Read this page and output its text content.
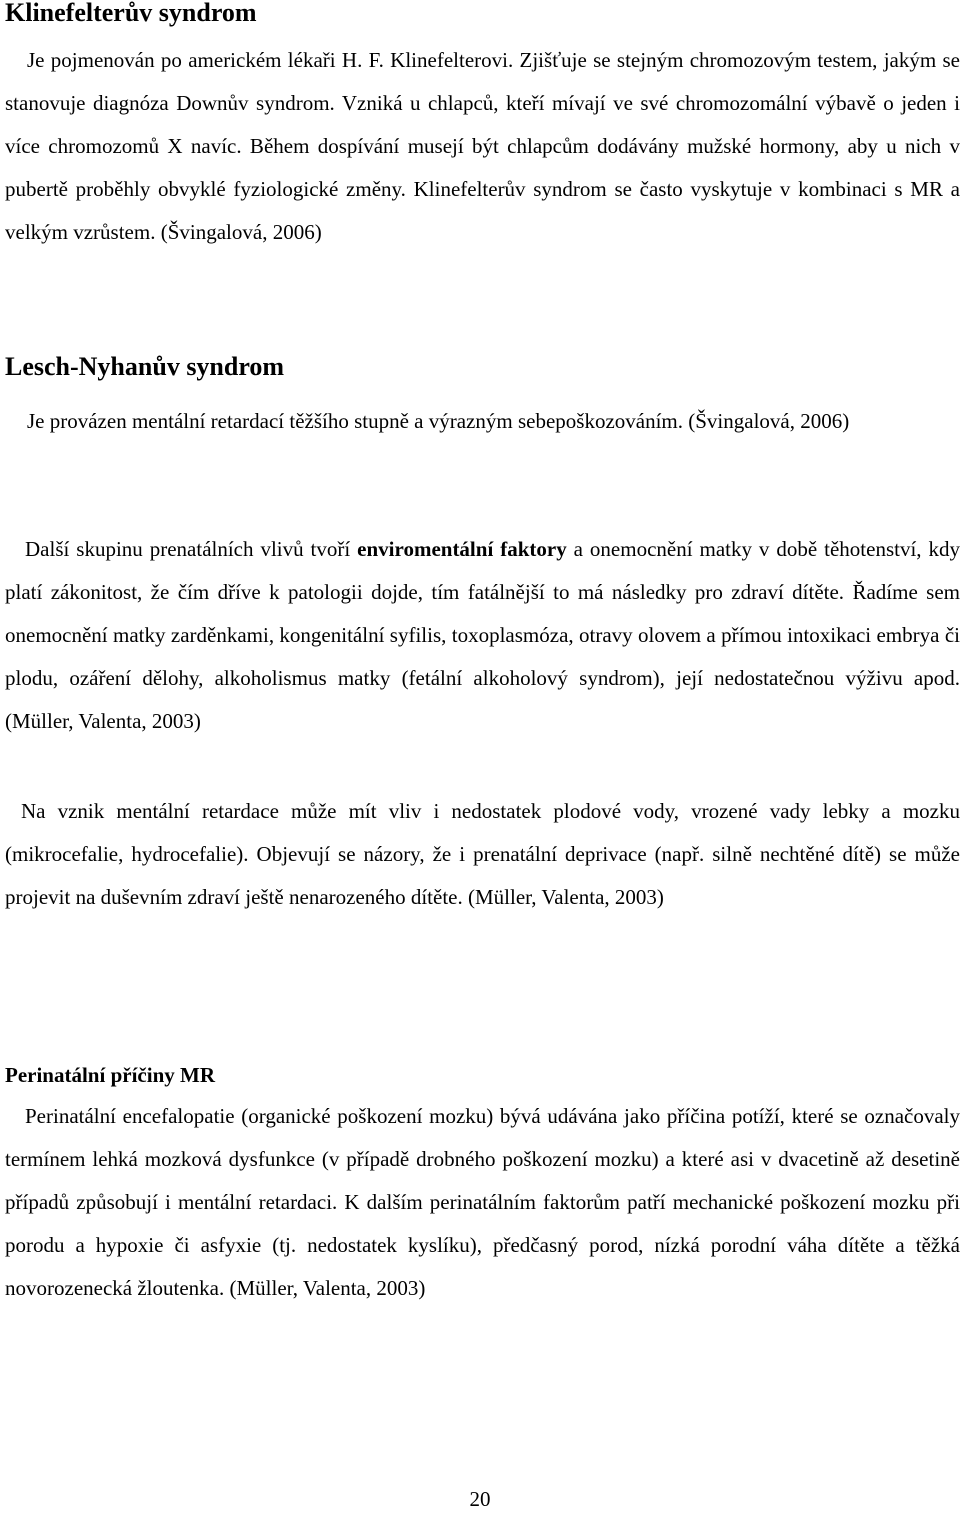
Klinefelterův syndrom

Je pojmenován po americkém lékaři H. F. Klinefelterovi. Zjišťuje se stejným chromozovým testem, jakým se stanovuje diagnóza Downův syndrom. Vzniká u chlapců, kteří mívají ve své chromozomální výbavě o jeden i více chromozomů X navíc. Během dospívání musejí být chlapcům dodávány mužské hormony, aby u nich v pubertě proběhly obvyklé fyziologické změny. Klinefelterův syndrom se často vyskytuje v kombinaci s MR a velkým vzrůstem. (Švingalová, 2006)

Lesch-Nyhanův syndrom

Je provázen mentální retardací těžšího stupně a výrazným sebepoškozováním. (Švingalová, 2006)

Další skupinu prenatálních vlivů tvoří enviromentální faktory a onemocnění matky v době těhotenství, kdy platí zákonitost, že čím dříve k patologii dojde, tím fatálnější to má následky pro zdraví dítěte. Řadíme sem onemocnění matky zarděnkami, kongenitální syfilis, toxoplasmóza, otravy olovem a přímou intoxikaci embrya či plodu, ozáření dělohy, alkoholismus matky (fetální alkoholový syndrom), její nedostatečnou výživu apod. (Müller, Valenta, 2003)

Na vznik mentální retardace může mít vliv i nedostatek plodové vody, vrozené vady lebky a mozku (mikrocefalie, hydrocefalie). Objevují se názory, že i prenatální deprivace (např. silně nechtěné dítě) se může projevit na duševním zdraví ještě nenarozeného dítěte. (Müller, Valenta, 2003)

Perinatální příčiny MR

Perinatální encefalopatie (organické poškození mozku) bývá udávána jako příčina potíží, které se označovaly termínem lehká mozková dysfunkce (v případě drobného poškození mozku) a které asi v dvacetině až desetině případů způsobují i mentální retardaci. K dalším perinatálním faktorům patří mechanické poškození mozku při porodu a hypoxie či asfyxie (tj. nedostatek kyslíku), předčasný porod, nízká porodní váha dítěte a těžká novorozenecká žloutenka. (Müller, Valenta, 2003)

20
